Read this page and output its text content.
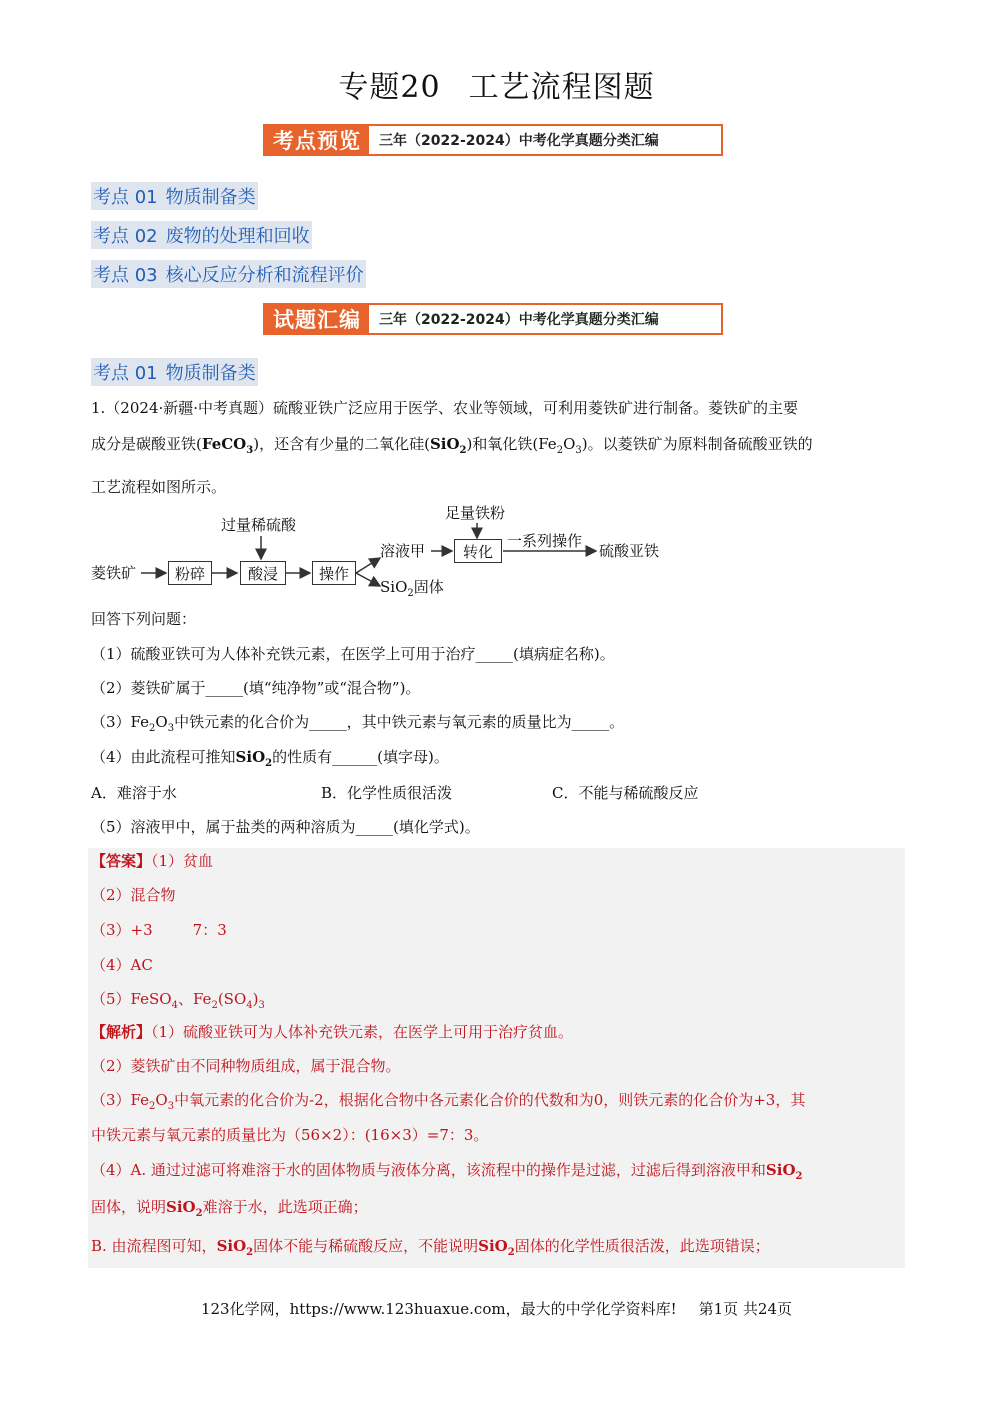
专题20 工艺流程图题
考点预览	三年（2022-2024）中考化学真题分类汇编
考点 01 物质制备类
考点 02 废物的处理和回收
考点 03 核心反应分析和流程评价
试题汇编	三年（2022-2024）中考化学真题分类汇编
考点 01 物质制备类
1.（2024·新疆·中考真题）硫酸亚铁广泛应用于医学、农业等领域，可利用菱铁矿进行制备。菱铁矿的主要
成分是碳酸亚铁(FeCO$_3$)，还含有少量的二氧化硅(SiO$_2$)和氧化铁$(Fe_2O_3)$。以菱铁矿为原料制备硫酸亚铁的
工艺流程如图所示。
菱铁矿	粉碎
过量稀硫酸
酸浸	操作
溶液甲
SiO$_2$固体
足量铁粉
转化
一系列操作
硫酸亚铁
回答下列问题：
（1）硫酸亚铁可为人体补充铁元素，在医学上可用于治疗_____(填病症名称)。
（2）菱铁矿属于_____(填“纯净物”或“混合物”)。
$(3)Fe_2O_3$中铁元素的化合价为_____，其中铁元素与氧元素的质量比为_____。
（4）由此流程可推知SiO$_2$的性质有______(填字母)。
A．难溶于水	B．化学性质很活泼	C．不能与稀硫酸反应
（5）溶液甲中，属于盐类的两种溶质为_____(填化学式)。
【答案】（1）贫血
（2）混合物
（3）+3	7：3
（4）AC
（5）FeSO$_4$、$Fe_2(SO_4)_3$
【解析】（1）硫酸亚铁可为人体补充铁元素，在医学上可用于治疗贫血。
（2）菱铁矿由不同种物质组成，属于混合物。
$(3)Fe_2O_3$中氧元素的化合价为-2，根据化合物中各元素化合价的代数和为0，则铁元素的化合价为+3，其
中铁元素与氧元素的质量比为（56×2）：(16×3）=7：3。
（4）A. 通过过滤可将难溶于水的固体物质与液体分离，该流程中的操作是过滤，过滤后得到溶液甲和SiO$_2$
固体，说明SiO$_2$难溶于水，此选项正确；
B. 由流程图可知，SiO$_2$固体不能与稀硫酸反应，不能说明SiO$_2$固体的化学性质很活泼，此选项错误；
123化学网，https://www.123huaxue.com，最大的中学化学资料库! 第1页 共24页
